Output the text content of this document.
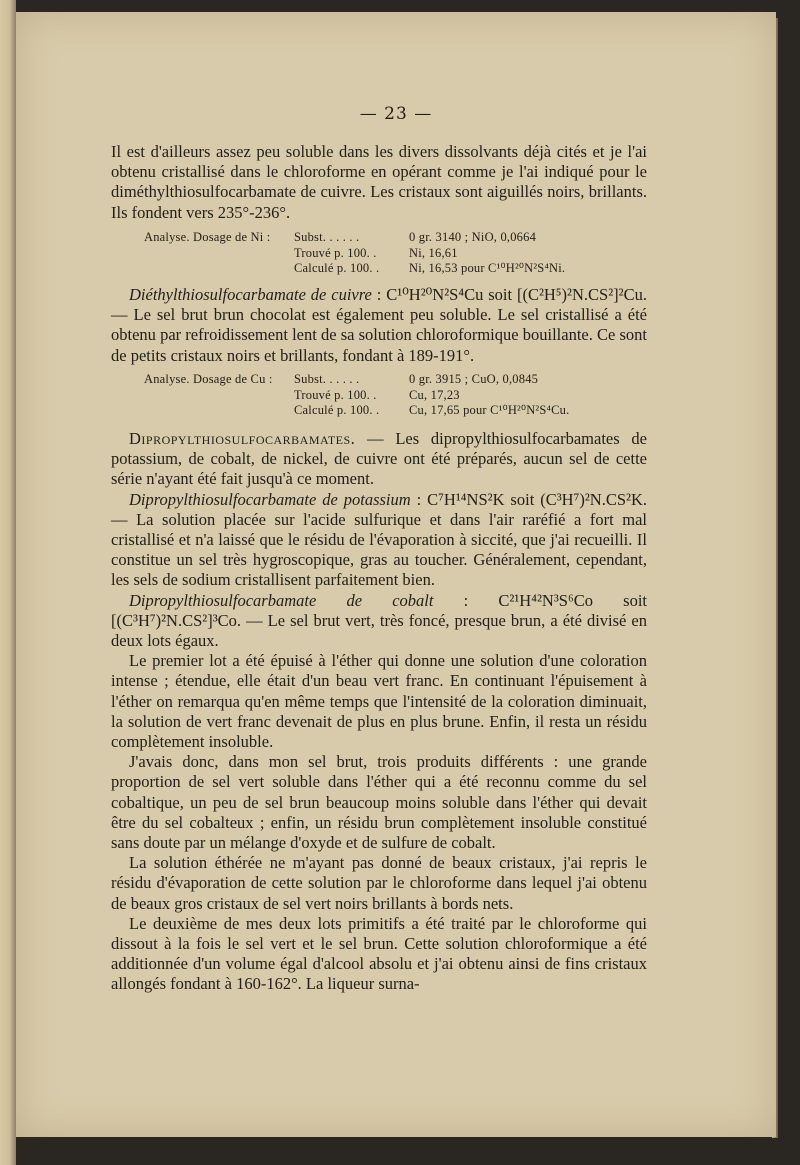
— 23 —

Il est d'ailleurs assez peu soluble dans les divers dissolvants déjà cités et je l'ai obtenu cristallisé dans le chloroforme en opérant comme je l'ai indiqué pour le diméthylthiosulfocarbamate de cuivre. Les cristaux sont aiguillés noirs, brillants. Ils fondent vers 235°-236°.

Analyse. Dosage de Ni :	Subst. . . . . .	0 gr. 3140 ; NiO, 0,0664
Trouvé p. 100. .	Ni, 16,61
Calculé p. 100. .	Ni, 16,53 pour C¹⁰H²⁰N²S⁴Ni.

Diéthylthiosulfocarbamate de cuivre : C¹⁰H²⁰N²S⁴Cu soit [(C²H⁵)²N.CS²]²Cu. — Le sel brut brun chocolat est également peu soluble. Le sel cristallisé a été obtenu par refroidissement lent de sa solution chloroformique bouillante. Ce sont de petits cristaux noirs et brillants, fondant à 189-191°.

Analyse. Dosage de Cu :	Subst. . . . . .	0 gr. 3915 ; CuO, 0,0845
Trouvé p. 100. .	Cu, 17,23
Calculé p. 100. .	Cu, 17,65 pour C¹⁰H²⁰N²S⁴Cu.

Dipropylthiosulfocarbamates. — Les dipropylthiosulfocarbamates de potassium, de cobalt, de nickel, de cuivre ont été préparés, aucun sel de cette série n'ayant été fait jusqu'à ce moment.

Dipropylthiosulfocarbamate de potassium : C⁷H¹⁴NS²K soit (C³H⁷)²N.CS²K. — La solution placée sur l'acide sulfurique et dans l'air raréfié a fort mal cristallisé et n'a laissé que le résidu de l'évaporation à siccité, que j'ai recueilli. Il constitue un sel très hygroscopique, gras au toucher. Généralement, cependant, les sels de sodium cristallisent parfaitement bien.

Dipropylthiosulfocarbamate de cobalt : C²¹H⁴²N³S⁶Co soit [(C³H⁷)²N.CS²]³Co. — Le sel brut vert, très foncé, presque brun, a été divisé en deux lots égaux.

Le premier lot a été épuisé à l'éther qui donne une solution d'une coloration intense ; étendue, elle était d'un beau vert franc. En continuant l'épuisement à l'éther on remarqua qu'en même temps que l'intensité de la coloration diminuait, la solution de vert franc devenait de plus en plus brune. Enfin, il resta un résidu complètement insoluble.

J'avais donc, dans mon sel brut, trois produits différents : une grande proportion de sel vert soluble dans l'éther qui a été reconnu comme du sel cobaltique, un peu de sel brun beaucoup moins soluble dans l'éther qui devait être du sel cobalteux ; enfin, un résidu brun complètement insoluble constitué sans doute par un mélange d'oxyde et de sulfure de cobalt.

La solution éthérée ne m'ayant pas donné de beaux cristaux, j'ai repris le résidu d'évaporation de cette solution par le chloroforme dans lequel j'ai obtenu de beaux gros cristaux de sel vert noirs brillants à bords nets.

Le deuxième de mes deux lots primitifs a été traité par le chloroforme qui dissout à la fois le sel vert et le sel brun. Cette solution chloroformique a été additionnée d'un volume égal d'alcool absolu et j'ai obtenu ainsi de fins cristaux allongés fondant à 160-162°. La liqueur surna-
